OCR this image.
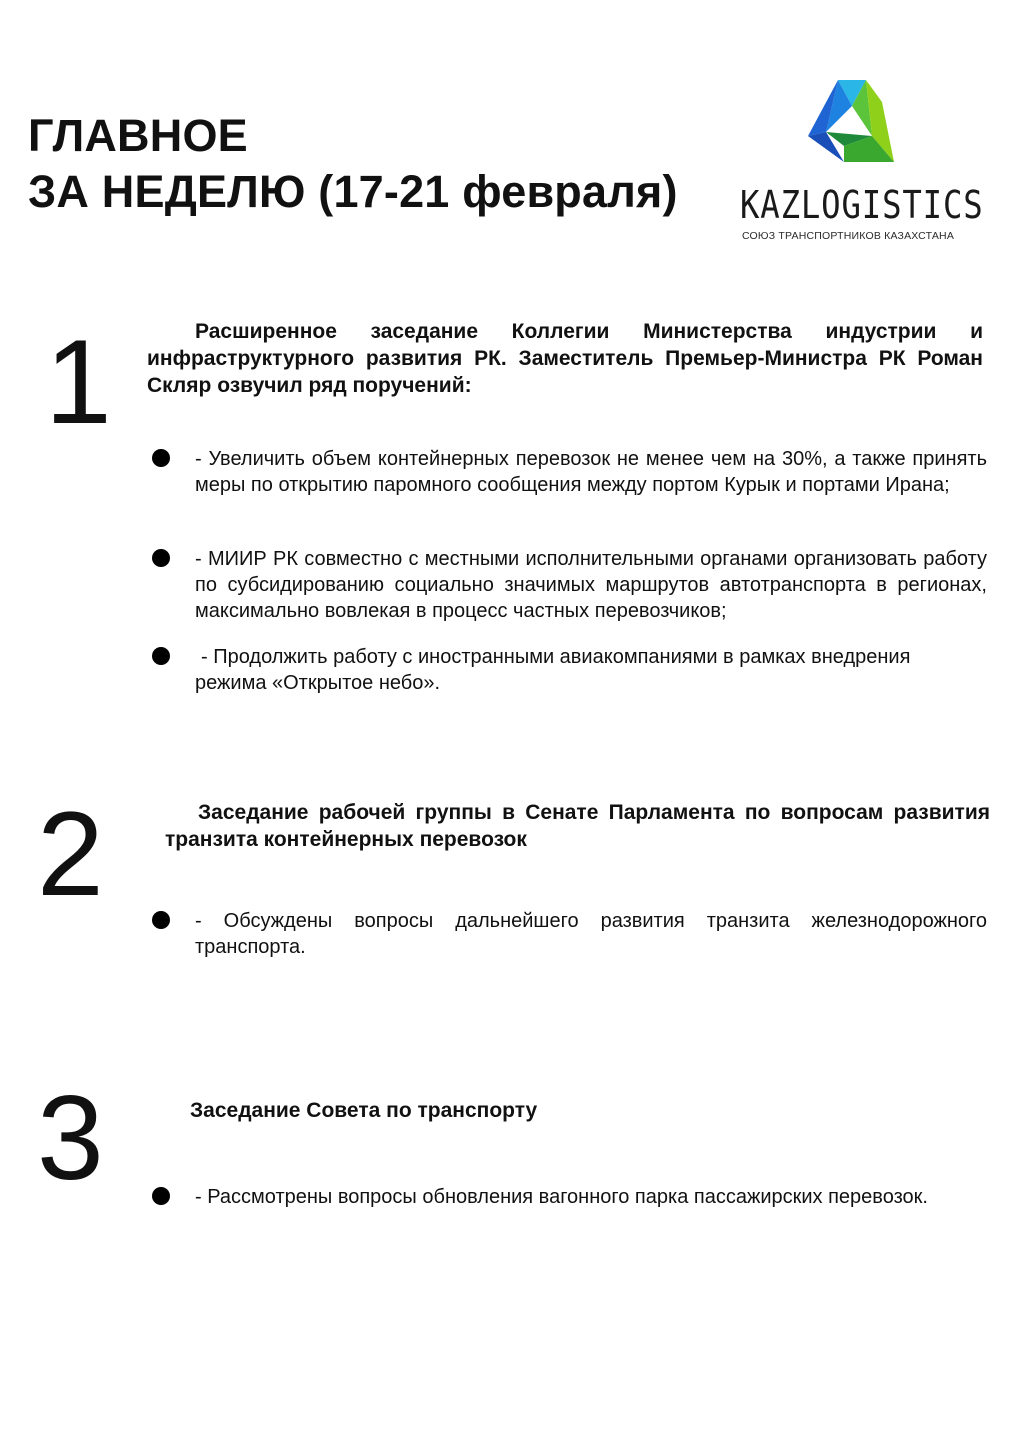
ГЛАВНОЕ
ЗА НЕДЕЛЮ (17-21 февраля) KAZLOGISTICS
СОЮЗ ТРАНСПОРТНИКОВ КАЗАХСТАНА
1	Расширенное заседание Коллегии Министерства индустрии и инфраструктурного развития РК. Заместитель Премьер-Министра РК Роман Скляр озвучил ряд поручений:

- Увеличить объем контейнерных перевозок не менее чем на 30%, а также принять меры по открытию паромного сообщения между портом Курык и портами Ирана;

- МИИР РК совместно с местными исполнительными органами организовать работу по субсидированию социально значимых маршрутов автотранспорта в регионах, максимально вовлекая в процесс частных перевозчиков;

- Продолжить работу с иностранными авиакомпаниями в рамках внедрения режима «Открытое небо».

2	Заседание рабочей группы в Сенате Парламента по вопросам развития транзита контейнерных перевозок

- Обсуждены вопросы дальнейшего развития транзита железнодорожного транспорта.

3	Заседание Совета по транспорту

- Рассмотрены вопросы обновления вагонного парка пассажирских перевозок.
